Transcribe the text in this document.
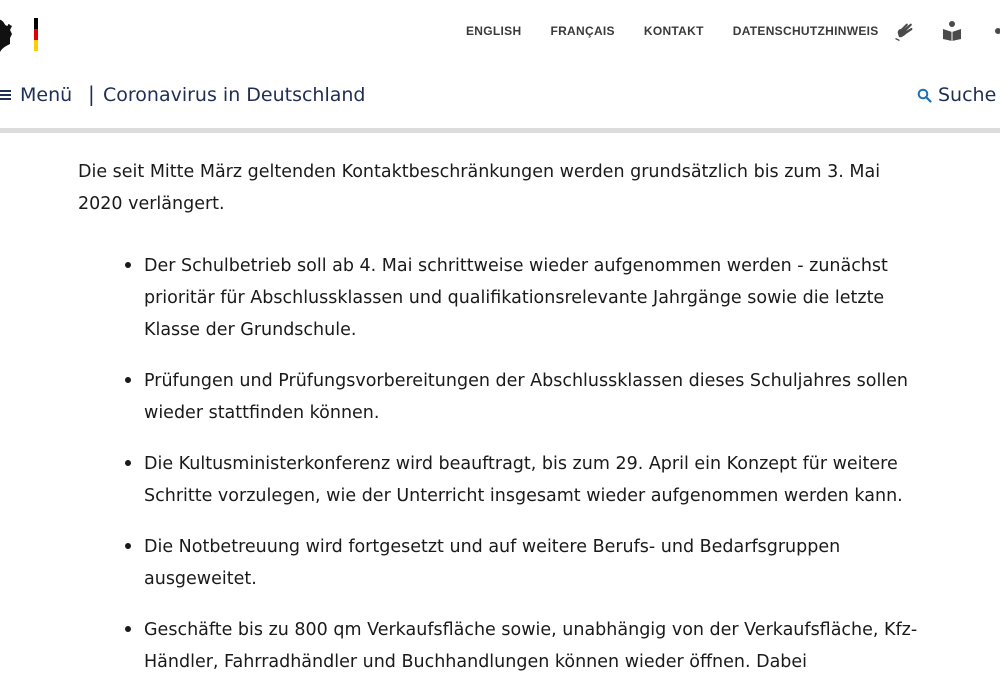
ENGLISH FRANÇAIS KONTAKT DATENSCHUTZHINWEIS
Menü | Coronavirus in Deutschland	Suche

Die seit Mitte März geltenden Kontaktbeschränkungen werden grundsätzlich bis zum 3. Mai 2020 verlängert.

Der Schulbetrieb soll ab 4. Mai schrittweise wieder aufgenommen werden - zunächst prioritär für Abschlussklassen und qualifikationsrelevante Jahrgänge sowie die letzte Klasse der Grundschule.
Prüfungen und Prüfungsvorbereitungen der Abschlussklassen dieses Schuljahres sollen wieder stattfinden können.
Die Kultusministerkonferenz wird beauftragt, bis zum 29. April ein Konzept für weitere Schritte vorzulegen, wie der Unterricht insgesamt wieder aufgenommen werden kann.
Die Notbetreuung wird fortgesetzt und auf weitere Berufs- und Bedarfsgruppen ausgeweitet.
Geschäfte bis zu 800 qm Verkaufsfläche sowie, unabhängig von der Verkaufsfläche, Kfz-Händler, Fahrradhändler und Buchhandlungen können wieder öffnen. Dabei
